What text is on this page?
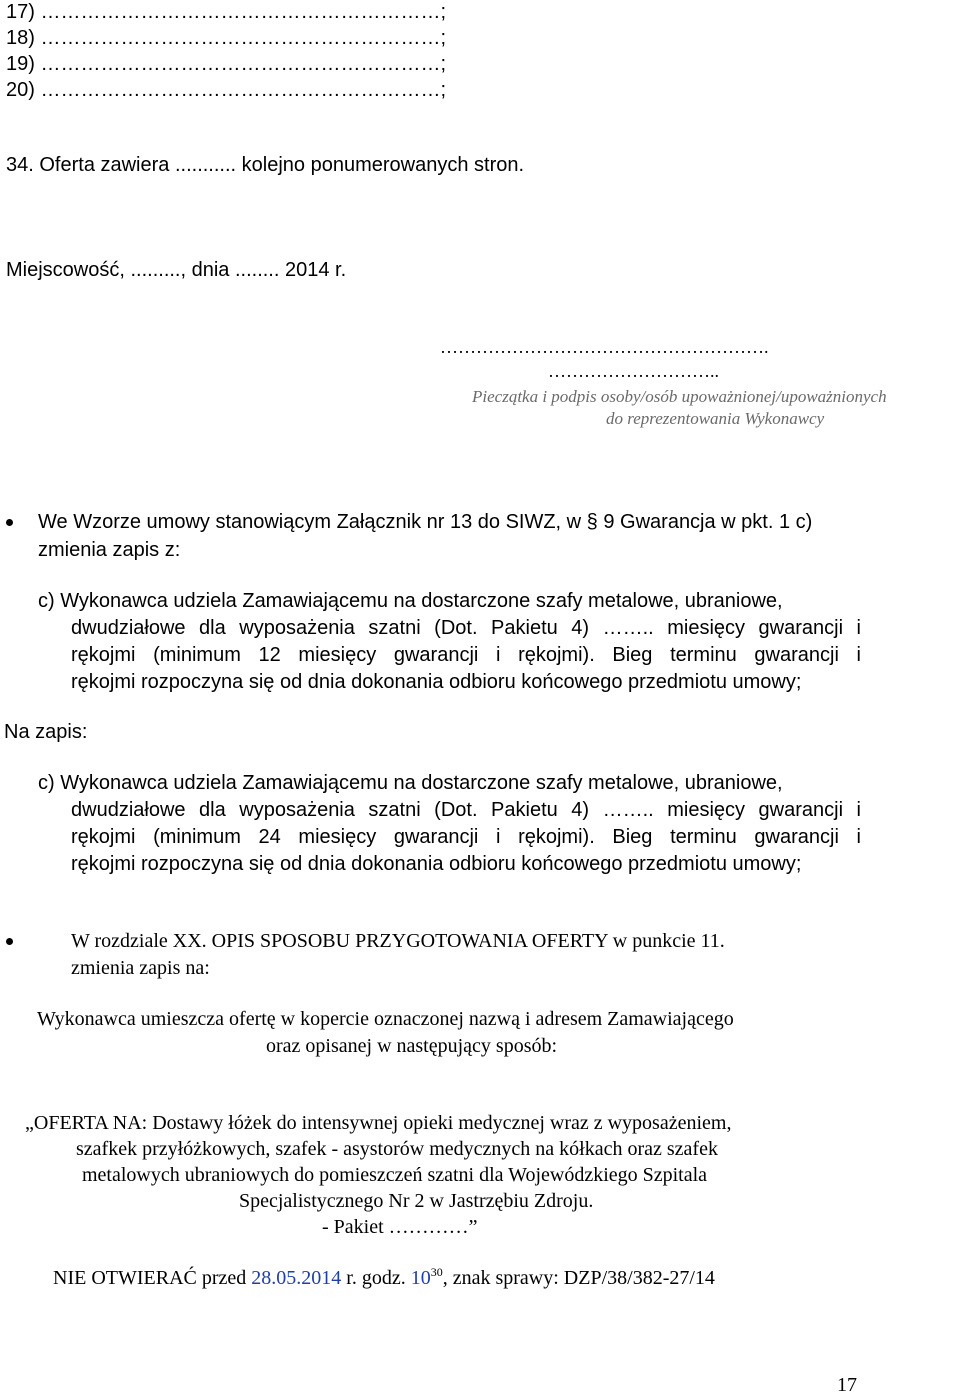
17) ……………………………………………………;
18) ……………………………………………………;
19) ……………………………………………………;
20) ……………………………………………………;
34. Oferta zawiera ........... kolejno ponumerowanych stron.
Miejscowość, ........., dnia ........ 2014 r.
……………………………………………….
………………………..
Pieczątka i podpis osoby/osób upoważnionej/upoważnionych
do reprezentowania Wykonawcy
We Wzorze umowy stanowiącym Załącznik nr 13 do SIWZ, w § 9 Gwarancja w pkt. 1 c)
zmienia zapis z:
c) Wykonawca udziela Zamawiającemu na dostarczone szafy metalowe, ubraniowe,
dwudziałowe dla wyposażenia szatni (Dot. Pakietu 4) …….. miesięcy gwarancji i
rękojmi (minimum 12 miesięcy gwarancji i rękojmi). Bieg terminu gwarancji i
rękojmi rozpoczyna się od dnia dokonania odbioru końcowego przedmiotu umowy;
Na zapis:
c) Wykonawca udziela Zamawiającemu na dostarczone szafy metalowe, ubraniowe,
dwudziałowe dla wyposażenia szatni (Dot. Pakietu 4) …….. miesięcy gwarancji i
rękojmi (minimum 24 miesięcy gwarancji i rękojmi). Bieg terminu gwarancji i
rękojmi rozpoczyna się od dnia dokonania odbioru końcowego przedmiotu umowy;
W rozdziale XX. OPIS SPOSOBU PRZYGOTOWANIA OFERTY w punkcie 11.
zmienia zapis na:
Wykonawca umieszcza ofertę w kopercie oznaczonej nazwą i adresem Zamawiającego
oraz opisanej w następujący sposób:
„OFERTA NA: Dostawy łóżek do intensywnej opieki medycznej wraz z wyposażeniem,
szafkek przyłóżkowych, szafek - asystorów medycznych na kółkach oraz szafek
metalowych ubraniowych do pomieszczeń szatni dla Wojewódzkiego Szpitala
Specjalistycznego Nr 2 w Jastrzębiu Zdroju.
- Pakiet …………”
NIE OTWIERAĆ przed 28.05.2014 r. godz. $10^{30}$, znak sprawy: DZP/38/382-27/14
17
